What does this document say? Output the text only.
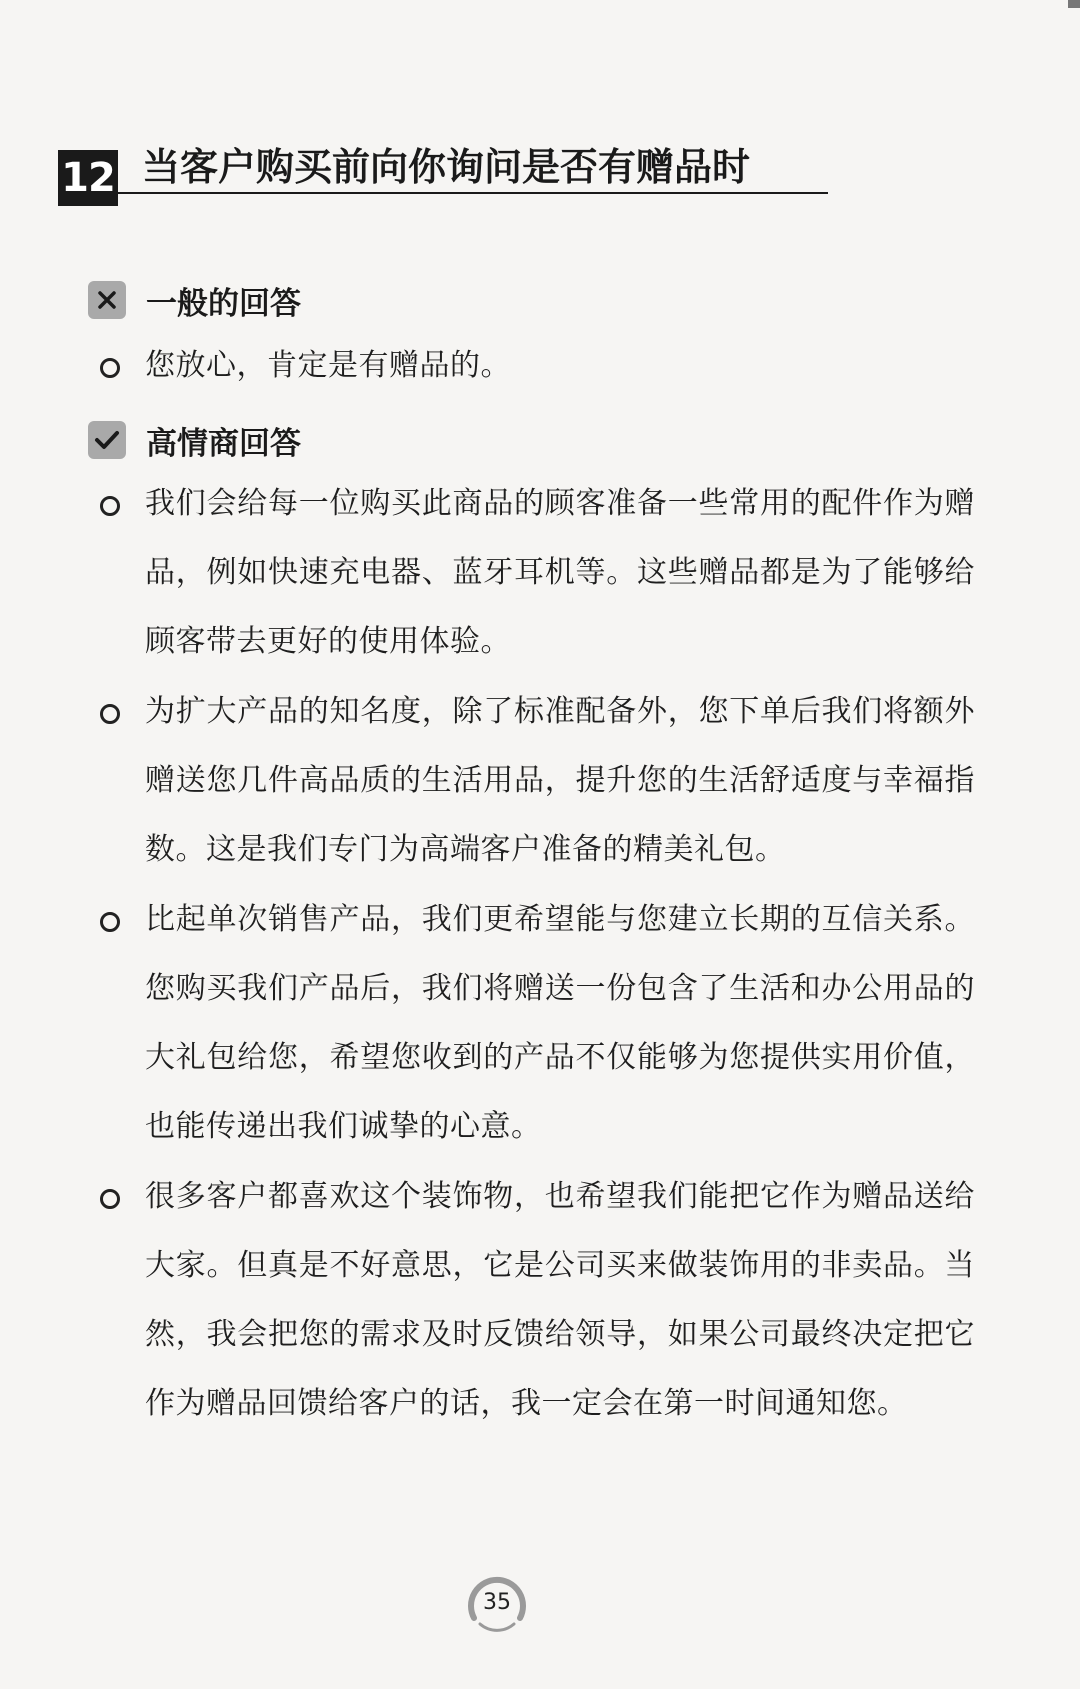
12 当客户购买前向你询问是否有赠品时
一般的回答
您放心，肯定是有赠品的。
高情商回答
我们会给每一位购买此商品的顾客准备一些常用的配件作为赠品，例如快速充电器、蓝牙耳机等。这些赠品都是为了能够给顾客带去更好的使用体验。
为扩大产品的知名度，除了标准配备外，您下单后我们将额外赠送您几件高品质的生活用品，提升您的生活舒适度与幸福指数。这是我们专门为高端客户准备的精美礼包。
比起单次销售产品，我们更希望能与您建立长期的互信关系。您购买我们产品后，我们将赠送一份包含了生活和办公用品的大礼包给您，希望您收到的产品不仅能够为您提供实用价值，也能传递出我们诚挚的心意。
很多客户都喜欢这个装饰物，也希望我们能把它作为赠品送给大家。但真是不好意思，它是公司买来做装饰用的非卖品。当然，我会把您的需求及时反馈给领导，如果公司最终决定把它作为赠品回馈给客户的话，我一定会在第一时间通知您。
35
